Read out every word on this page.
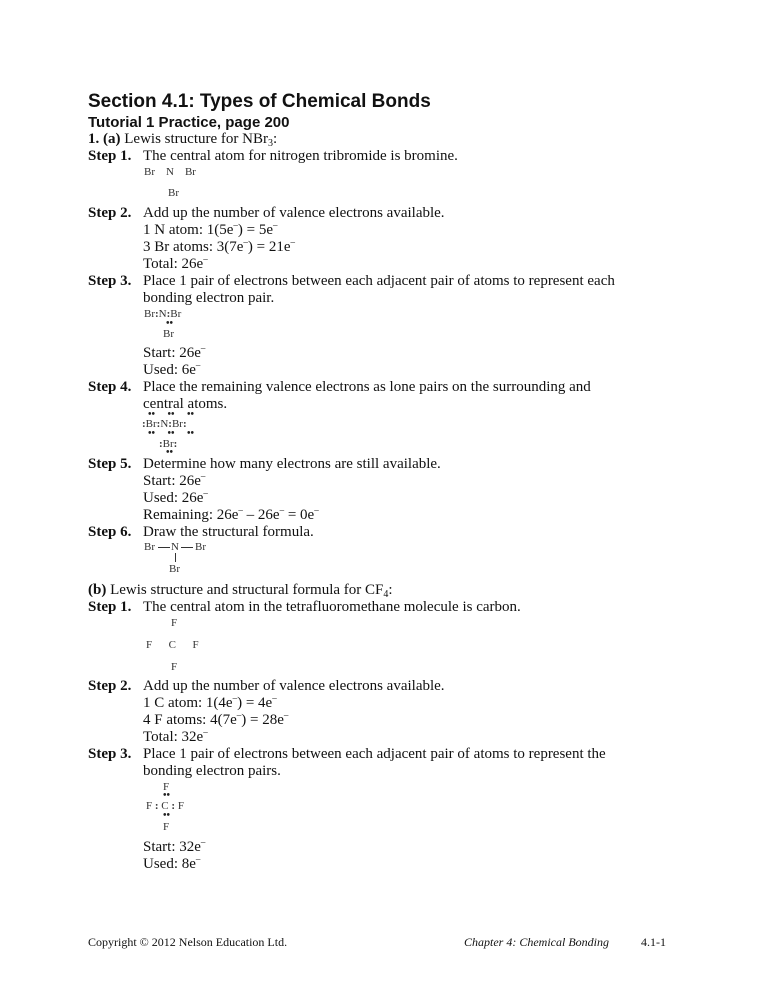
Section 4.1: Types of Chemical Bonds
Tutorial 1 Practice, page 200
1. (a) Lewis structure for NBr$_3$:
Step 1. The central atom for nitrogen tribromide is bromine.
Br N Br
Br
Step 2. Add up the number of valence electrons available.
1 N atom: 1(5e–) = 5e–
3 Br atoms: 3(7e–) = 21e–
Total: 26e–
Step 3. Place 1 pair of electrons between each adjacent pair of atoms to represent each
bonding electron pair.
Br:N:Br
••
Br
Start: 26e–
Used: 6e–
Step 4. Place the remaining valence electrons as lone pairs on the surrounding and
central atoms.
••     ••     ••
:Br:N:Br:
••     ••     ••
:Br:
••
Step 5. Determine how many electrons are still available.
Start: 26e–
Used: 26e–
Remaining: 26e– – 26e– = 0e–
Step 6. Draw the structural formula.
Br N Br
Br
(b) Lewis structure and structural formula for $CF_4$:
Step 1. The central atom in the tetrafluoromethane molecule is carbon.
F
F C F
F
Step 2. Add up the number of valence electrons available.
1 C atom: 1(4e–) = 4e–
4 F atoms: 4(7e–) = 28e–
Total: 32e–
Step 3. Place 1 pair of electrons between each adjacent pair of atoms to represent the
bonding electron pairs.
F
••
F : C : F
••
F
Start: 32e–
Used: 8e–
Copyright © 2012 Nelson Education Ltd.	Chapter 4: Chemical Bonding	4.1-1
